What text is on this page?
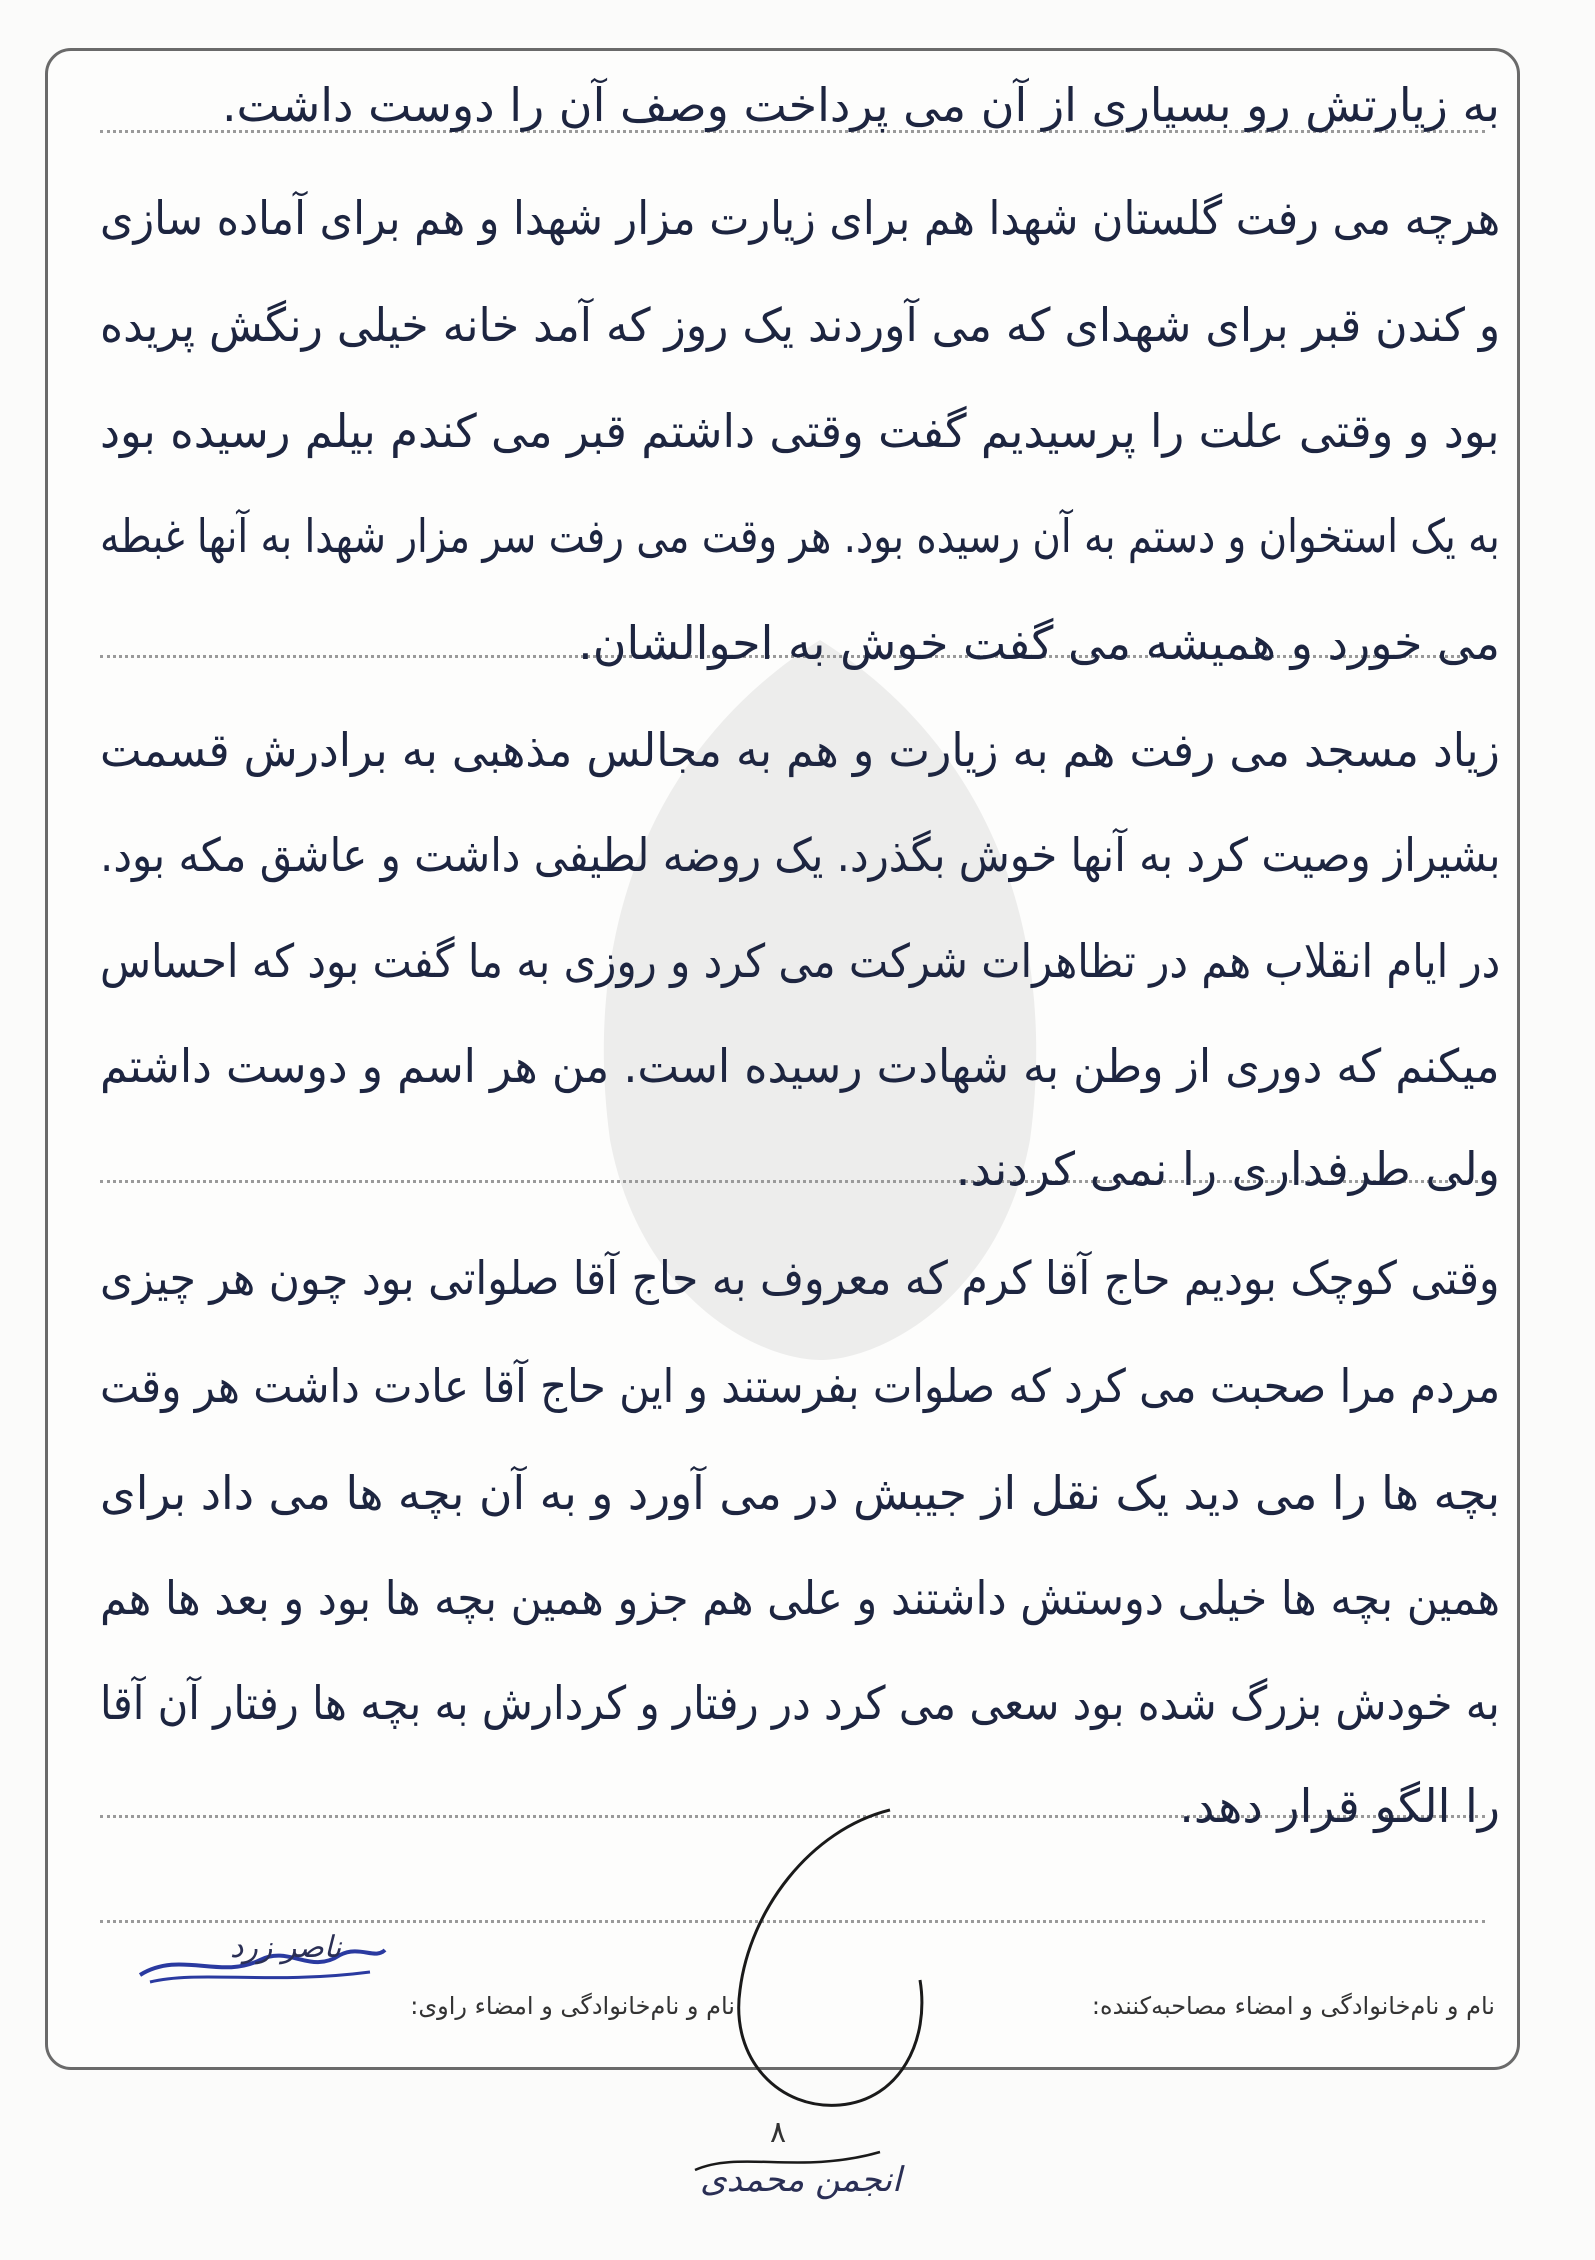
به زیارتش رو بسیاری از آن می پرداخت وصف آن را دوست داشت.
هرچه می رفت گلستان شهدا هم برای زیارت مزار شهدا و هم برای آماده سازی
و کندن قبر برای شهدای که می آوردند یک روز که آمد خانه خیلی رنگش پریده
بود و وقتی علت را پرسیدیم گفت وقتی داشتم قبر می کندم بیلم رسیده بود
به یک استخوان و دستم به آن رسیده بود. هر وقت می رفت سر مزار شهدا به آنها غبطه
می خورد و همیشه می گفت خوش به احوالشان.
زیاد مسجد می رفت هم به زیارت و هم به مجالس مذهبی به برادرش قسمت
بشیراز وصیت کرد به آنها خوش بگذرد. یک روضه لطیفی داشت و عاشق مکه بود.
در ایام انقلاب هم در تظاهرات شرکت می کرد و روزی به ما گفت بود که احساس
میکنم که دوری از وطن به شهادت رسیده است. من هر اسم و دوست داشتم
ولی طرفداری را نمی کردند.
وقتی کوچک بودیم حاج آقا کرم که معروف به حاج آقا صلواتی بود چون هر چیزی
مردم مرا صحبت می کرد که صلوات بفرستند و این حاج آقا عادت داشت هر وقت
بچه ها را می دید یک نقل از جیبش در می آورد و به آن بچه ها می داد برای
همین بچه ها خیلی دوستش داشتند و علی هم جزو همین بچه ها بود و بعد ها هم
به خودش بزرگ شده بود سعی می کرد در رفتار و کردارش به بچه ها رفتار آن آقا
را الگو قرار دهد.
ناصر زرد
نام و نام‌خانوادگی و امضاء مصاحبه‌کننده:
نام و نام‌خانوادگی و امضاء راوی:
۸
انجمن محمدی
